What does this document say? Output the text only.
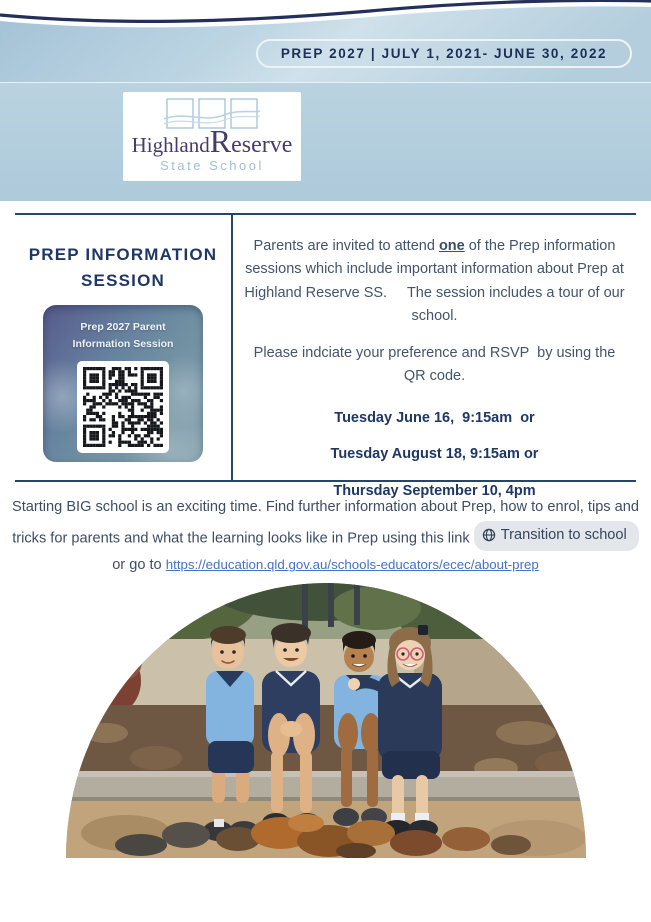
PREP 2027 | JULY 1, 2021- JUNE 30, 2022
HighlandReserve
State School
PREP INFORMATION SESSION
Prep 2027 Parent Information Session

Parents are invited to attend one of the Prep information sessions which include important information about Prep at Highland Reserve SS.     The session includes a tour of our school.

Please indciate your preference and RSVP  by using the QR code.

Tuesday June 16,  9:15am  or

Tuesday August 18, 9:15am or

Thursday September 10, 4pm

Starting BIG school is an exciting time. Find further information about Prep, how to enrol, tips and tricks for parents and what the learning looks like in Prep using this link Transition to school
or go to https://education.qld.gov.au/schools-educators/ecec/about-prep
